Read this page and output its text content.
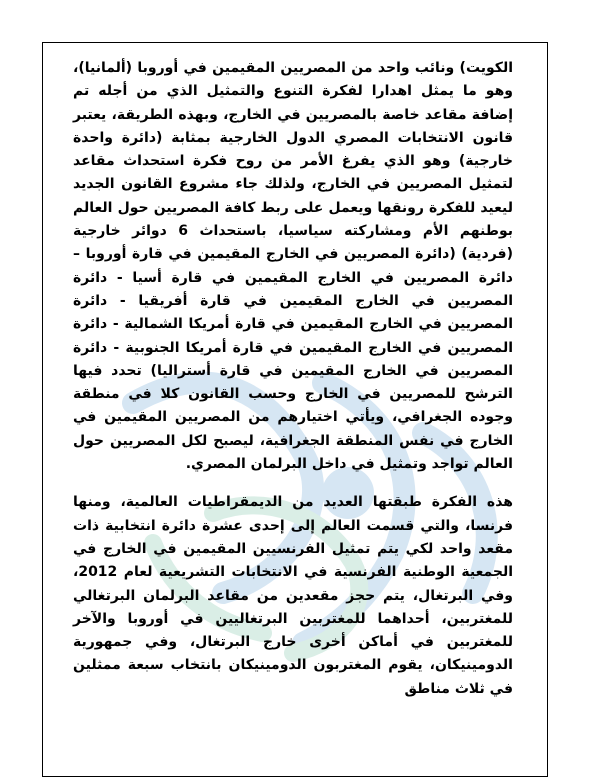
الكويت) ونائب واحد من المصريين المقيمين في أوروبا (ألمانيا)، وهو ما يمثل اهدارا لفكرة التنوع والتمثيل الذي من أجله تم إضافة مقاعد خاصة بالمصريين في الخارج، وبهذه الطريقة، يعتبر قانون الانتخابات المصري الدول الخارجية بمثابة (دائرة واحدة خارجية) وهو الذي يفرغ الأمر من روح فكرة استحداث مقاعد لتمثيل المصريين في الخارج، ولذلك جاء مشروع القانون الجديد ليعيد للفكرة رونقها ويعمل على ربط كافة المصريين حول العالم بوطنهم الأم ومشاركته سياسيا، باستحداث 6 دوائر خارجية (فردية) (دائرة المصريين في الخارج المقيمين في قارة أوروبا – دائرة المصريين في الخارج المقيمين في قارة أسيا - دائرة المصريين في الخارج المقيمين في قارة أفريقيا - دائرة المصريين في الخارج المقيمين في قارة أمريكا الشمالية - دائرة المصريين في الخارج المقيمين في قارة أمريكا الجنوبية - دائرة المصريين في الخارج المقيمين في قارة أستراليا) تحدد فيها الترشح للمصريين في الخارج وحسب القانون كلا في منطقة وجوده الجغرافي، ويأتي اختيارهم من المصريين المقيمين في الخارج في نفس المنطقة الجغرافية، ليصبح لكل المصريين حول العالم تواجد وتمثيل في داخل البرلمان المصري.

هذه الفكرة طبقتها العديد من الديمقراطيات العالمية، ومنها فرنسا، والتي قسمت العالم إلى إحدى عشرة دائرة انتخابية ذات مقعد واحد لكي يتم تمثيل الفرنسيين المقيمين في الخارج في الجمعية الوطنية الفرنسية في الانتخابات التشريعية لعام 2012، وفي البرتغال، يتم حجز مقعدين من مقاعد البرلمان البرتغالي للمغتربين، أحداهما للمغتربين البرتغاليين في أوروبا والآخر للمغتربين في أماكن أخرى خارج البرتغال، وفي جمهورية الدومينيكان، يقوم المغتربون الدومينيكان بانتخاب سبعة ممثلين في ثلاث مناطق
